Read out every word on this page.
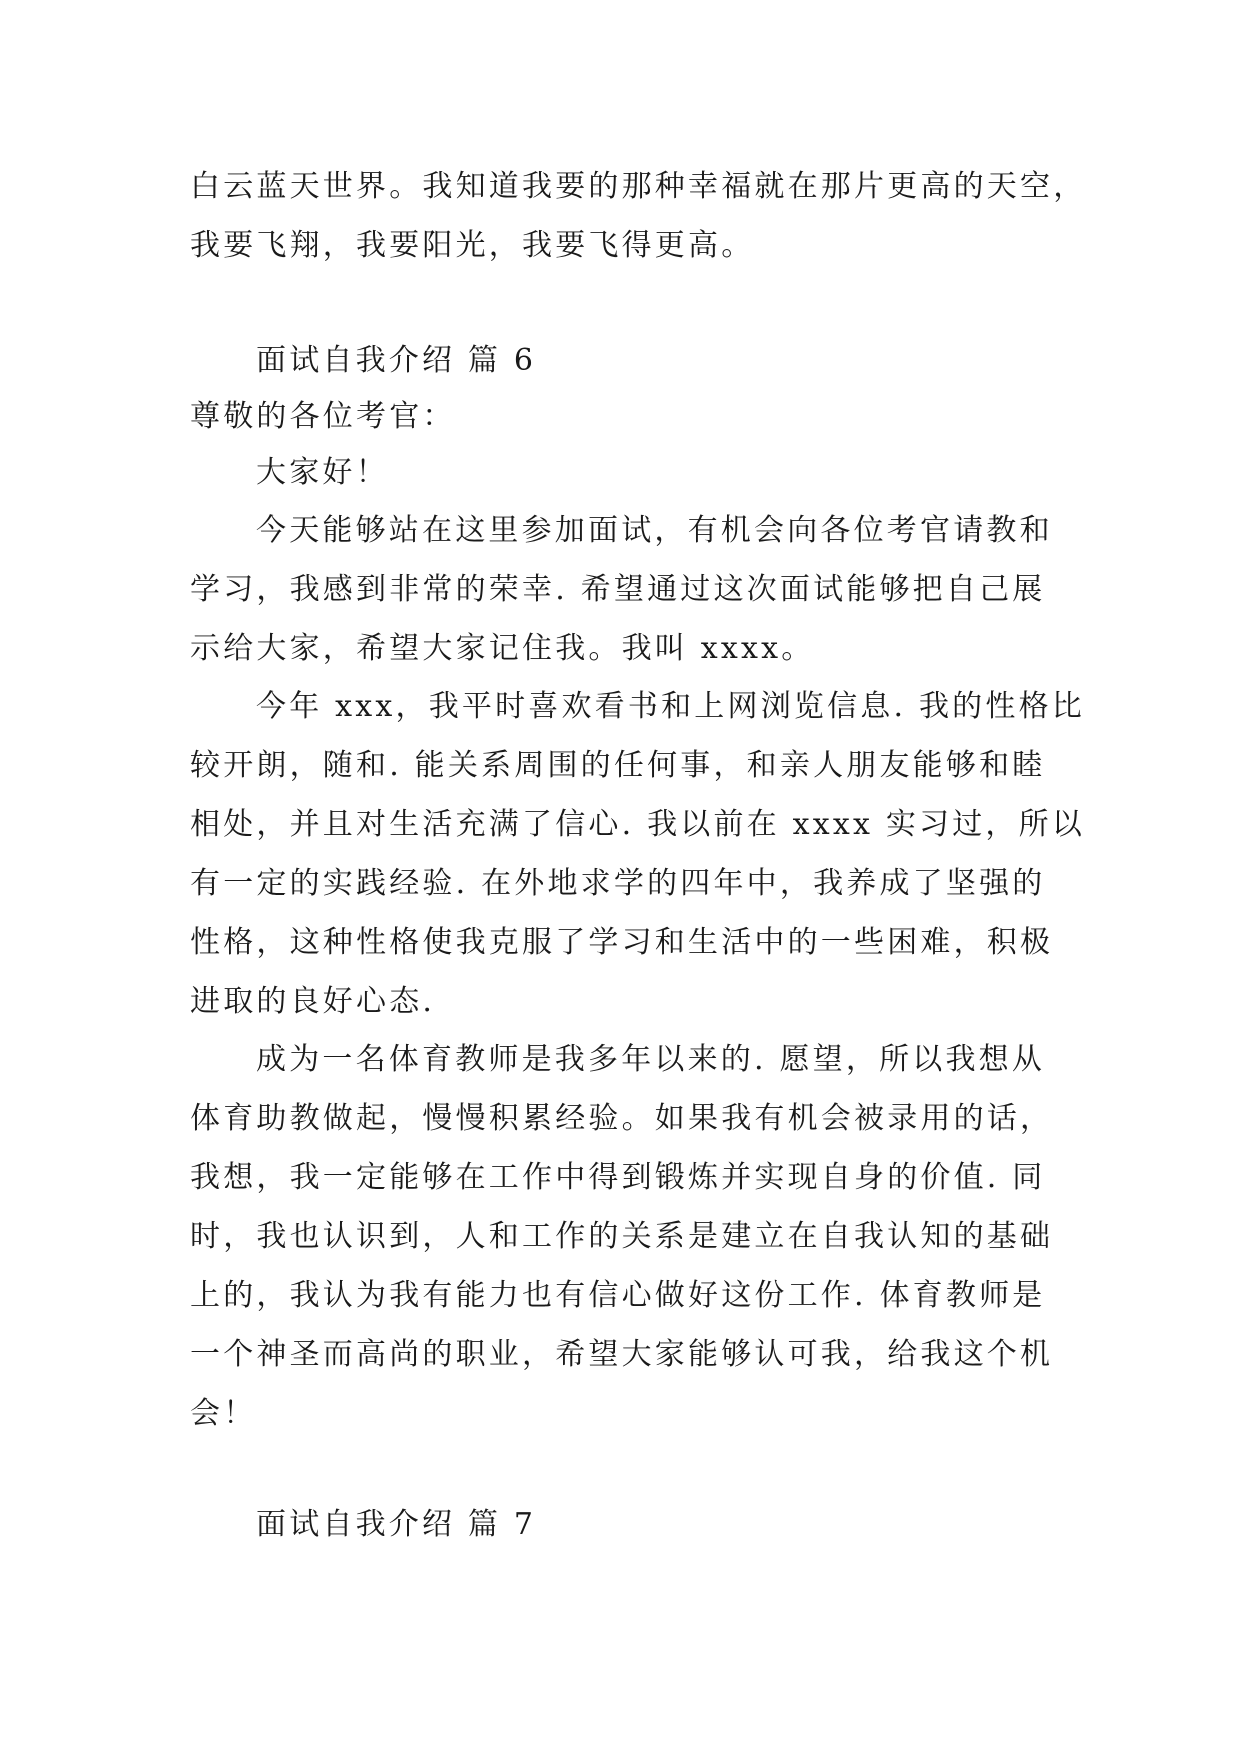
白云蓝天世界。我知道我要的那种幸福就在那片更高的天空，
我要飞翔，我要阳光，我要飞得更高。
面试自我介绍 篇 6
尊敬的各位考官：
大家好！
今天能够站在这里参加面试，有机会向各位考官请教和
学习，我感到非常的荣幸. 希望通过这次面试能够把自己展
示给大家，希望大家记住我。我叫 xxxx。
今年 xxx，我平时喜欢看书和上网浏览信息. 我的性格比
较开朗，随和. 能关系周围的任何事，和亲人朋友能够和睦
相处，并且对生活充满了信心. 我以前在 xxxx 实习过，所以
有一定的实践经验. 在外地求学的四年中，我养成了坚强的
性格，这种性格使我克服了学习和生活中的一些困难，积极
进取的良好心态.
成为一名体育教师是我多年以来的. 愿望，所以我想从
体育助教做起，慢慢积累经验。如果我有机会被录用的话，
我想，我一定能够在工作中得到锻炼并实现自身的价值. 同
时，我也认识到，人和工作的关系是建立在自我认知的基础
上的，我认为我有能力也有信心做好这份工作. 体育教师是
一个神圣而高尚的职业，希望大家能够认可我，给我这个机
会！
面试自我介绍 篇 7
